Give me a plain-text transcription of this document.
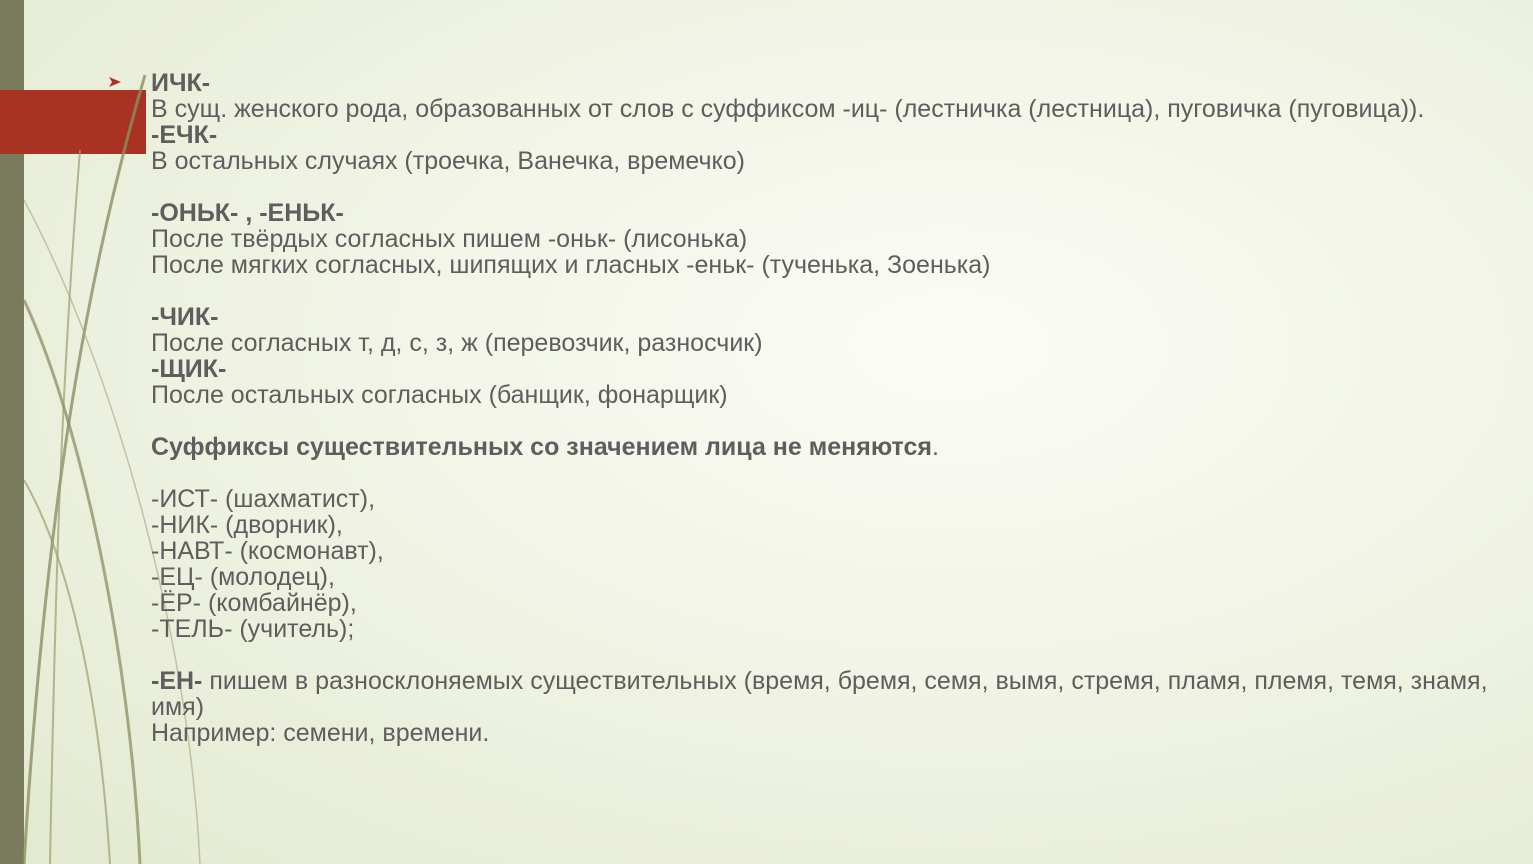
ИЧК-
В сущ. женского рода, образованных от слов с суффиксом -иц- (лестничка (лестница), пуговичка (пуговица)).
-ЕЧК-
В остальных случаях (троечка, Ванечка, времечко)
-ОНЬК- , -ЕНЬК-
После твёрдых согласных пишем -оньк- (лисонька)
После мягких согласных, шипящих и гласных -еньк- (тученька, Зоенька)
-ЧИК-
После согласных т, д, с, з, ж (перевозчик, разносчик)
-ЩИК-
После остальных согласных (банщик, фонарщик)
Суффиксы существительных со значением лица не меняются.
-ИСТ- (шахматист),
-НИК- (дворник),
-НАВТ- (космонавт),
-ЕЦ- (молодец),
-ЁР- (комбайнёр),
-ТЕЛЬ- (учитель);
-ЕН- пишем в разносклоняемых существительных (время, бремя, семя, вымя, стремя, пламя, племя, темя, знамя, имя)
Например: семени, времени.
